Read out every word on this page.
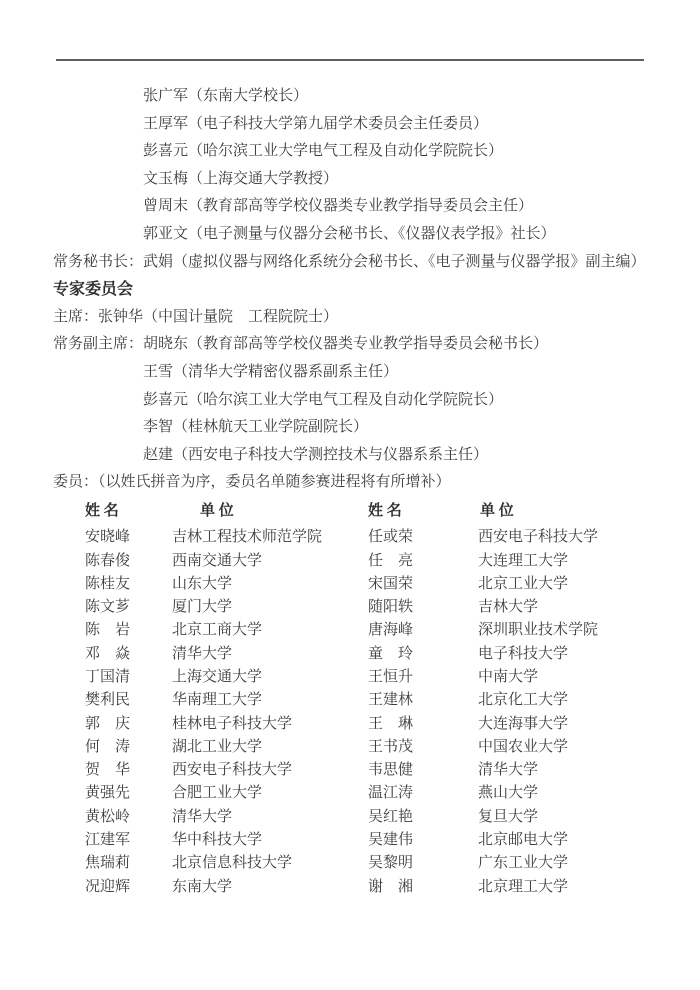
张广军（东南大学校长）
王厚军（电子科技大学第九届学术委员会主任委员）
彭喜元（哈尔滨工业大学电气工程及自动化学院院长）
文玉梅（上海交通大学教授）
曾周末（教育部高等学校仪器类专业教学指导委员会主任）
郭亚文（电子测量与仪器分会秘书长、《仪器仪表学报》社长）
常务秘书长：武娟（虚拟仪器与网络化系统分会秘书长、《电子测量与仪器学报》副主编）
专家委员会
主席：张钟华（中国计量院　工程院院士）
常务副主席：胡晓东（教育部高等学校仪器类专业教学指导委员会秘书长）
王雪（清华大学精密仪器系副系主任）
彭喜元（哈尔滨工业大学电气工程及自动化学院院长）
李智（桂林航天工业学院副院长）
赵建（西安电子科技大学测控技术与仪器系系主任）
委员：（以姓氏拼音为序，委员名单随参赛进程将有所增补）
姓 名	单 位	姓 名	单 位
安晓峰	吉林工程技术师范学院	任或荣	西安电子科技大学
陈春俊	西南交通大学	任　亮	大连理工大学
陈桂友	山东大学	宋国荣	北京工业大学
陈文芗	厦门大学	随阳轶	吉林大学
陈　岩	北京工商大学	唐海峰	深圳职业技术学院
邓　焱	清华大学	童　玲	电子科技大学
丁国清	上海交通大学	王恒升	中南大学
樊利民	华南理工大学	王建林	北京化工大学
郭　庆	桂林电子科技大学	王　琳	大连海事大学
何　涛	湖北工业大学	王书茂	中国农业大学
贺　华	西安电子科技大学	韦思健	清华大学
黄强先	合肥工业大学	温江涛	燕山大学
黄松岭	清华大学	吴红艳	复旦大学
江建军	华中科技大学	吴建伟	北京邮电大学
焦瑞莉	北京信息科技大学	吴黎明	广东工业大学
况迎辉	东南大学	谢　湘	北京理工大学
